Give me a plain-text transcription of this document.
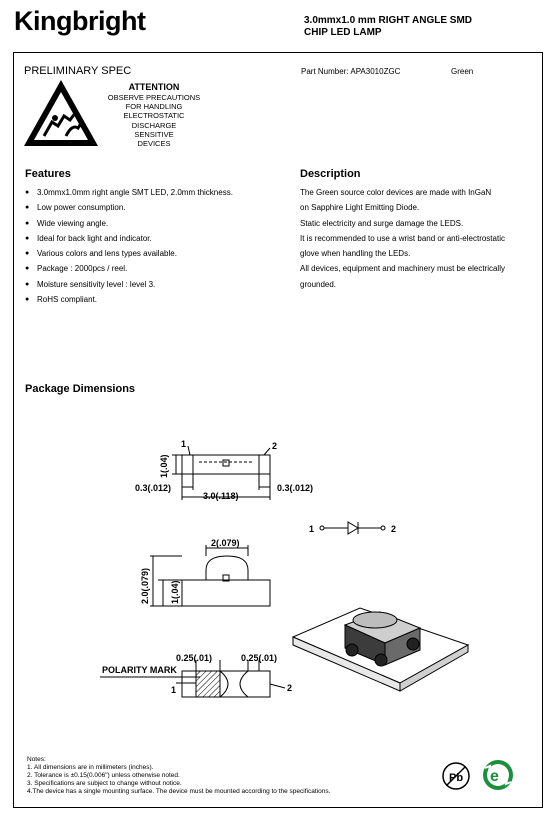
Kingbright	3.0mmx1.0 mm RIGHT ANGLE SMD
CHIP LED LAMP
PRELIMINARY SPEC	Part Number: APA3010ZGC	Green
ATTENTION
OBSERVE PRECAUTIONS
FOR HANDLING
ELECTROSTATIC
DISCHARGE
SENSITIVE
DEVICES
Features
● 3.0mmx1.0mm right angle SMT LED, 2.0mm thickness.
● Low power consumption.
● Wide viewing angle.
● Ideal for back light and indicator.
● Various colors and lens types available.
● Package : 2000pcs / reel.
● Moisture sensitivity level : level 3.
● RoHS compliant.
Description

The Green source color devices are made with InGaN

on Sapphire Light Emitting Diode.

Static electricity and surge damage the LEDS.

It is recommended to use a wrist band or anti-electrostatic

glove when handling the LEDs.

All devices, equipment and machinery must be electrically

grounded.

Package Dimensions
1	2
1(.04)
0.3(.012)
3.0(.118)
0.3(.012)
1	2
2(.079)
2.0(.079) 1(.04)
0.25(.01)	0.25(.01)
POLARITY MARK
1	2
Notes:
1. All dimensions are in millimeters (inches).
2. Tolerance is ±0.15(0.006") unless otherwise noted.
3. Specifications are subject to change without notice.
4.The device has a single mounting surface. The device must be mounted according to the specifications.
Pb e
